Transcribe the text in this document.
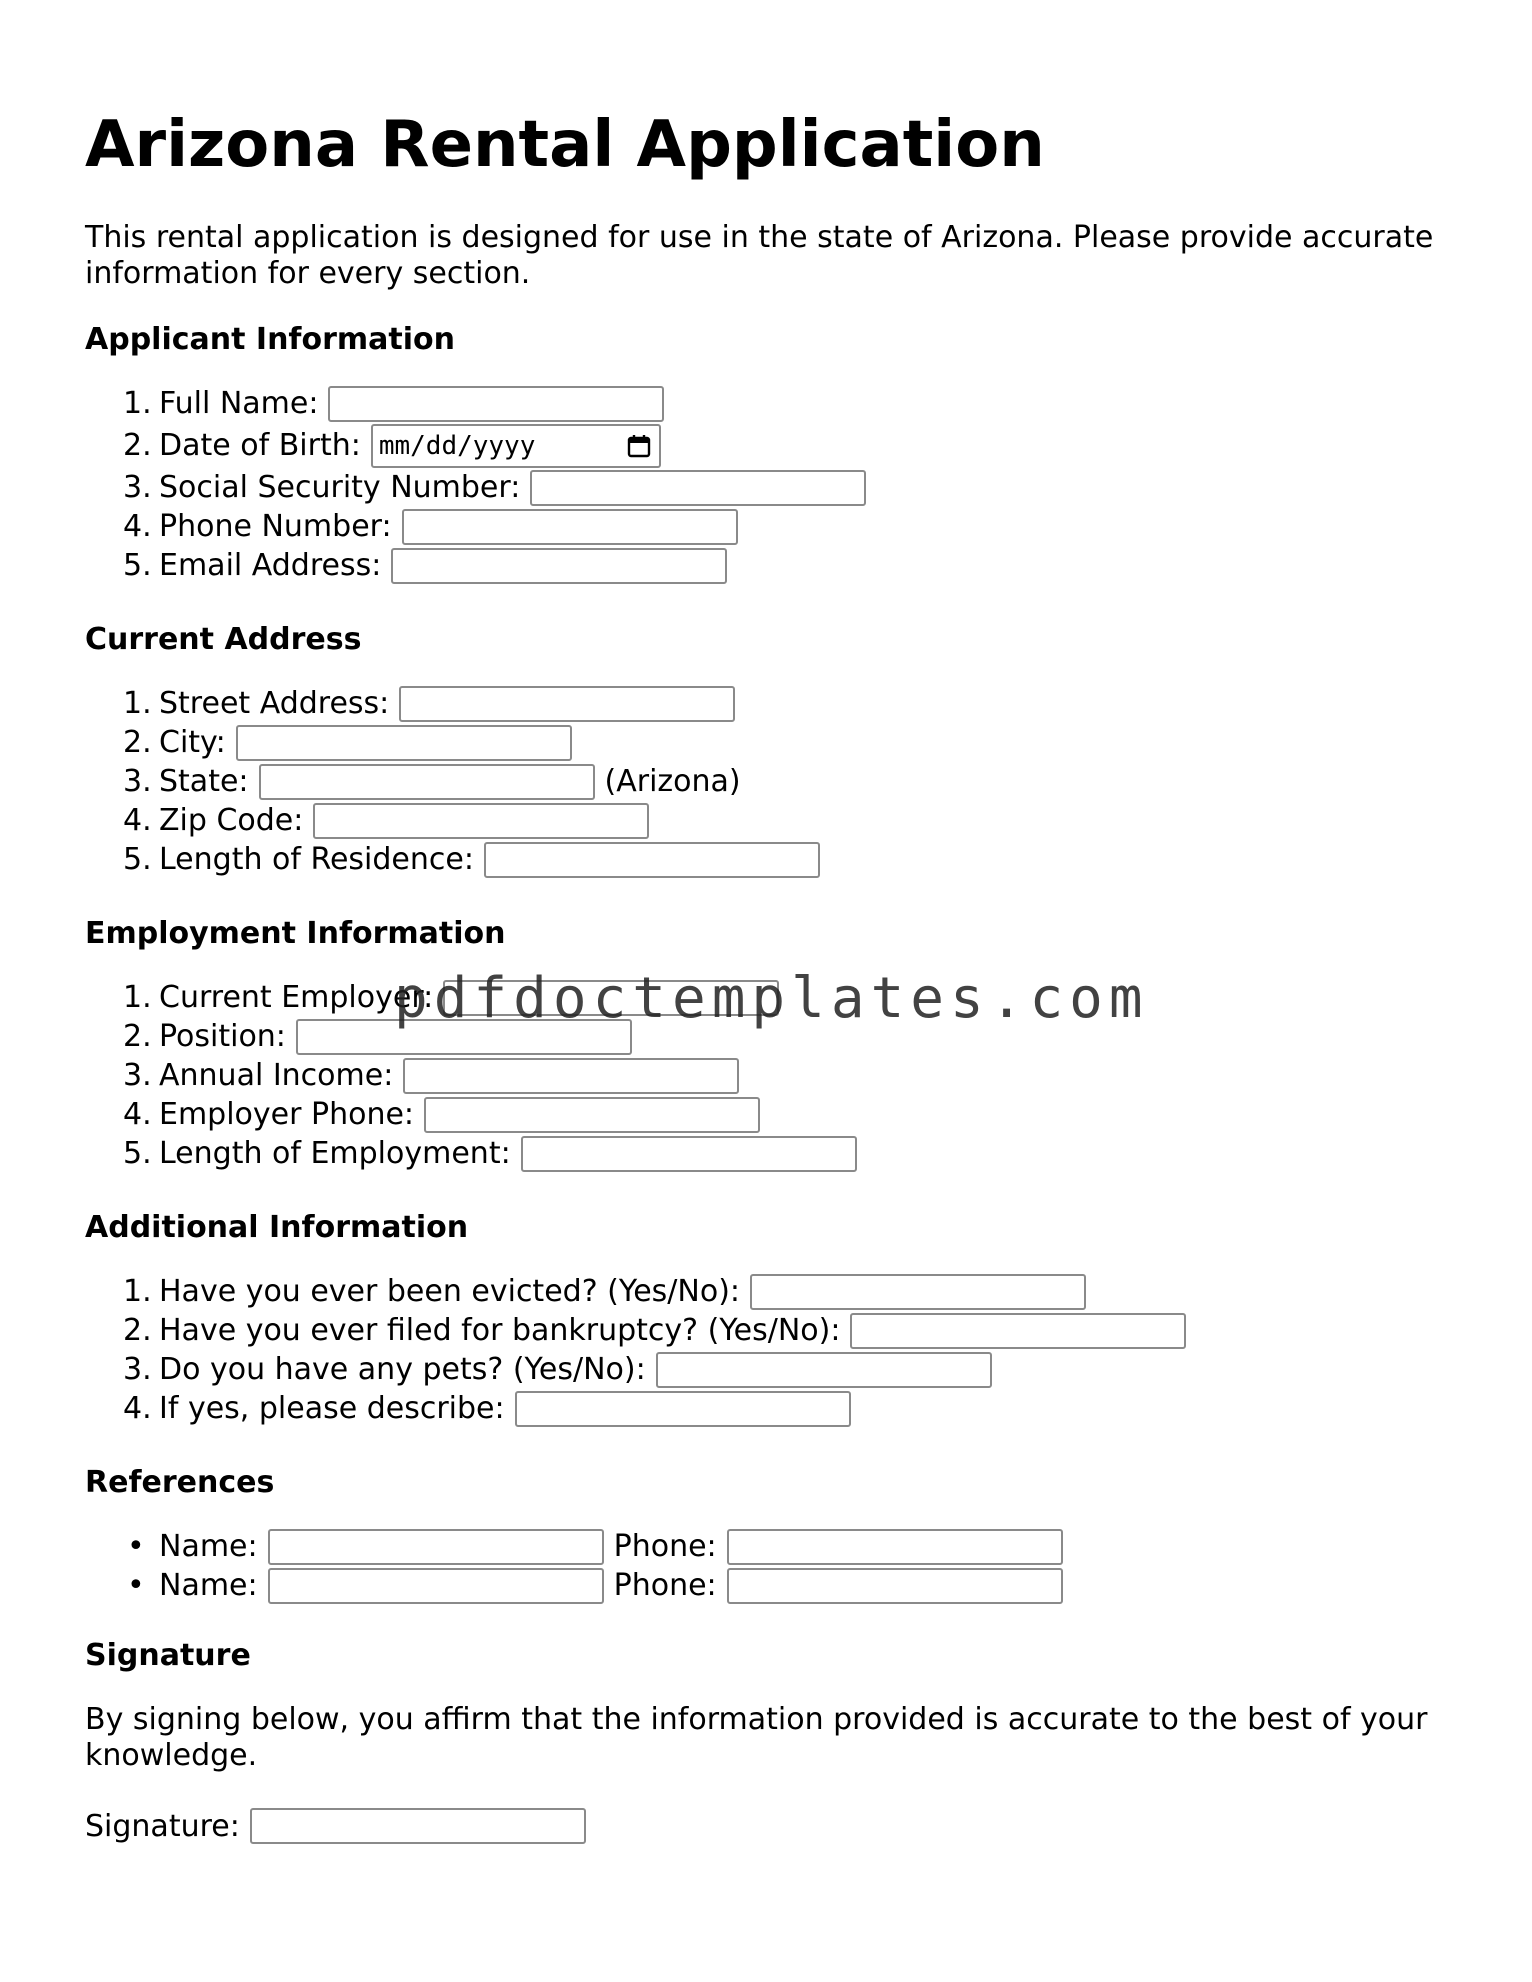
Arizona Rental Application

This rental application is designed for use in the state of Arizona. Please provide accurate information for every section.

Applicant Information
1. Full Name:
2. Date of Birth: mm/dd/yyyy
3. Social Security Number:
4. Phone Number:
5. Email Address:
Current Address
1. Street Address:
2. City:
3. State:	(Arizona)
4. Zip Code:
5. Length of Residence:
Employment Information
1. Current Employer:
2. Position:
3. Annual Income:
4. Employer Phone:
5. Length of Employment:
Additional Information
1. Have you ever been evicted? (Yes/No):
2. Have you ever filed for bankruptcy? (Yes/No):
3. Do you have any pets? (Yes/No):
4. If yes, please describe:
References
• Name:	Phone:
• Name:	Phone:
Signature

By signing below, you affirm that the information provided is accurate to the best of your knowledge.

Signature:
pdfdoctemplates.com
